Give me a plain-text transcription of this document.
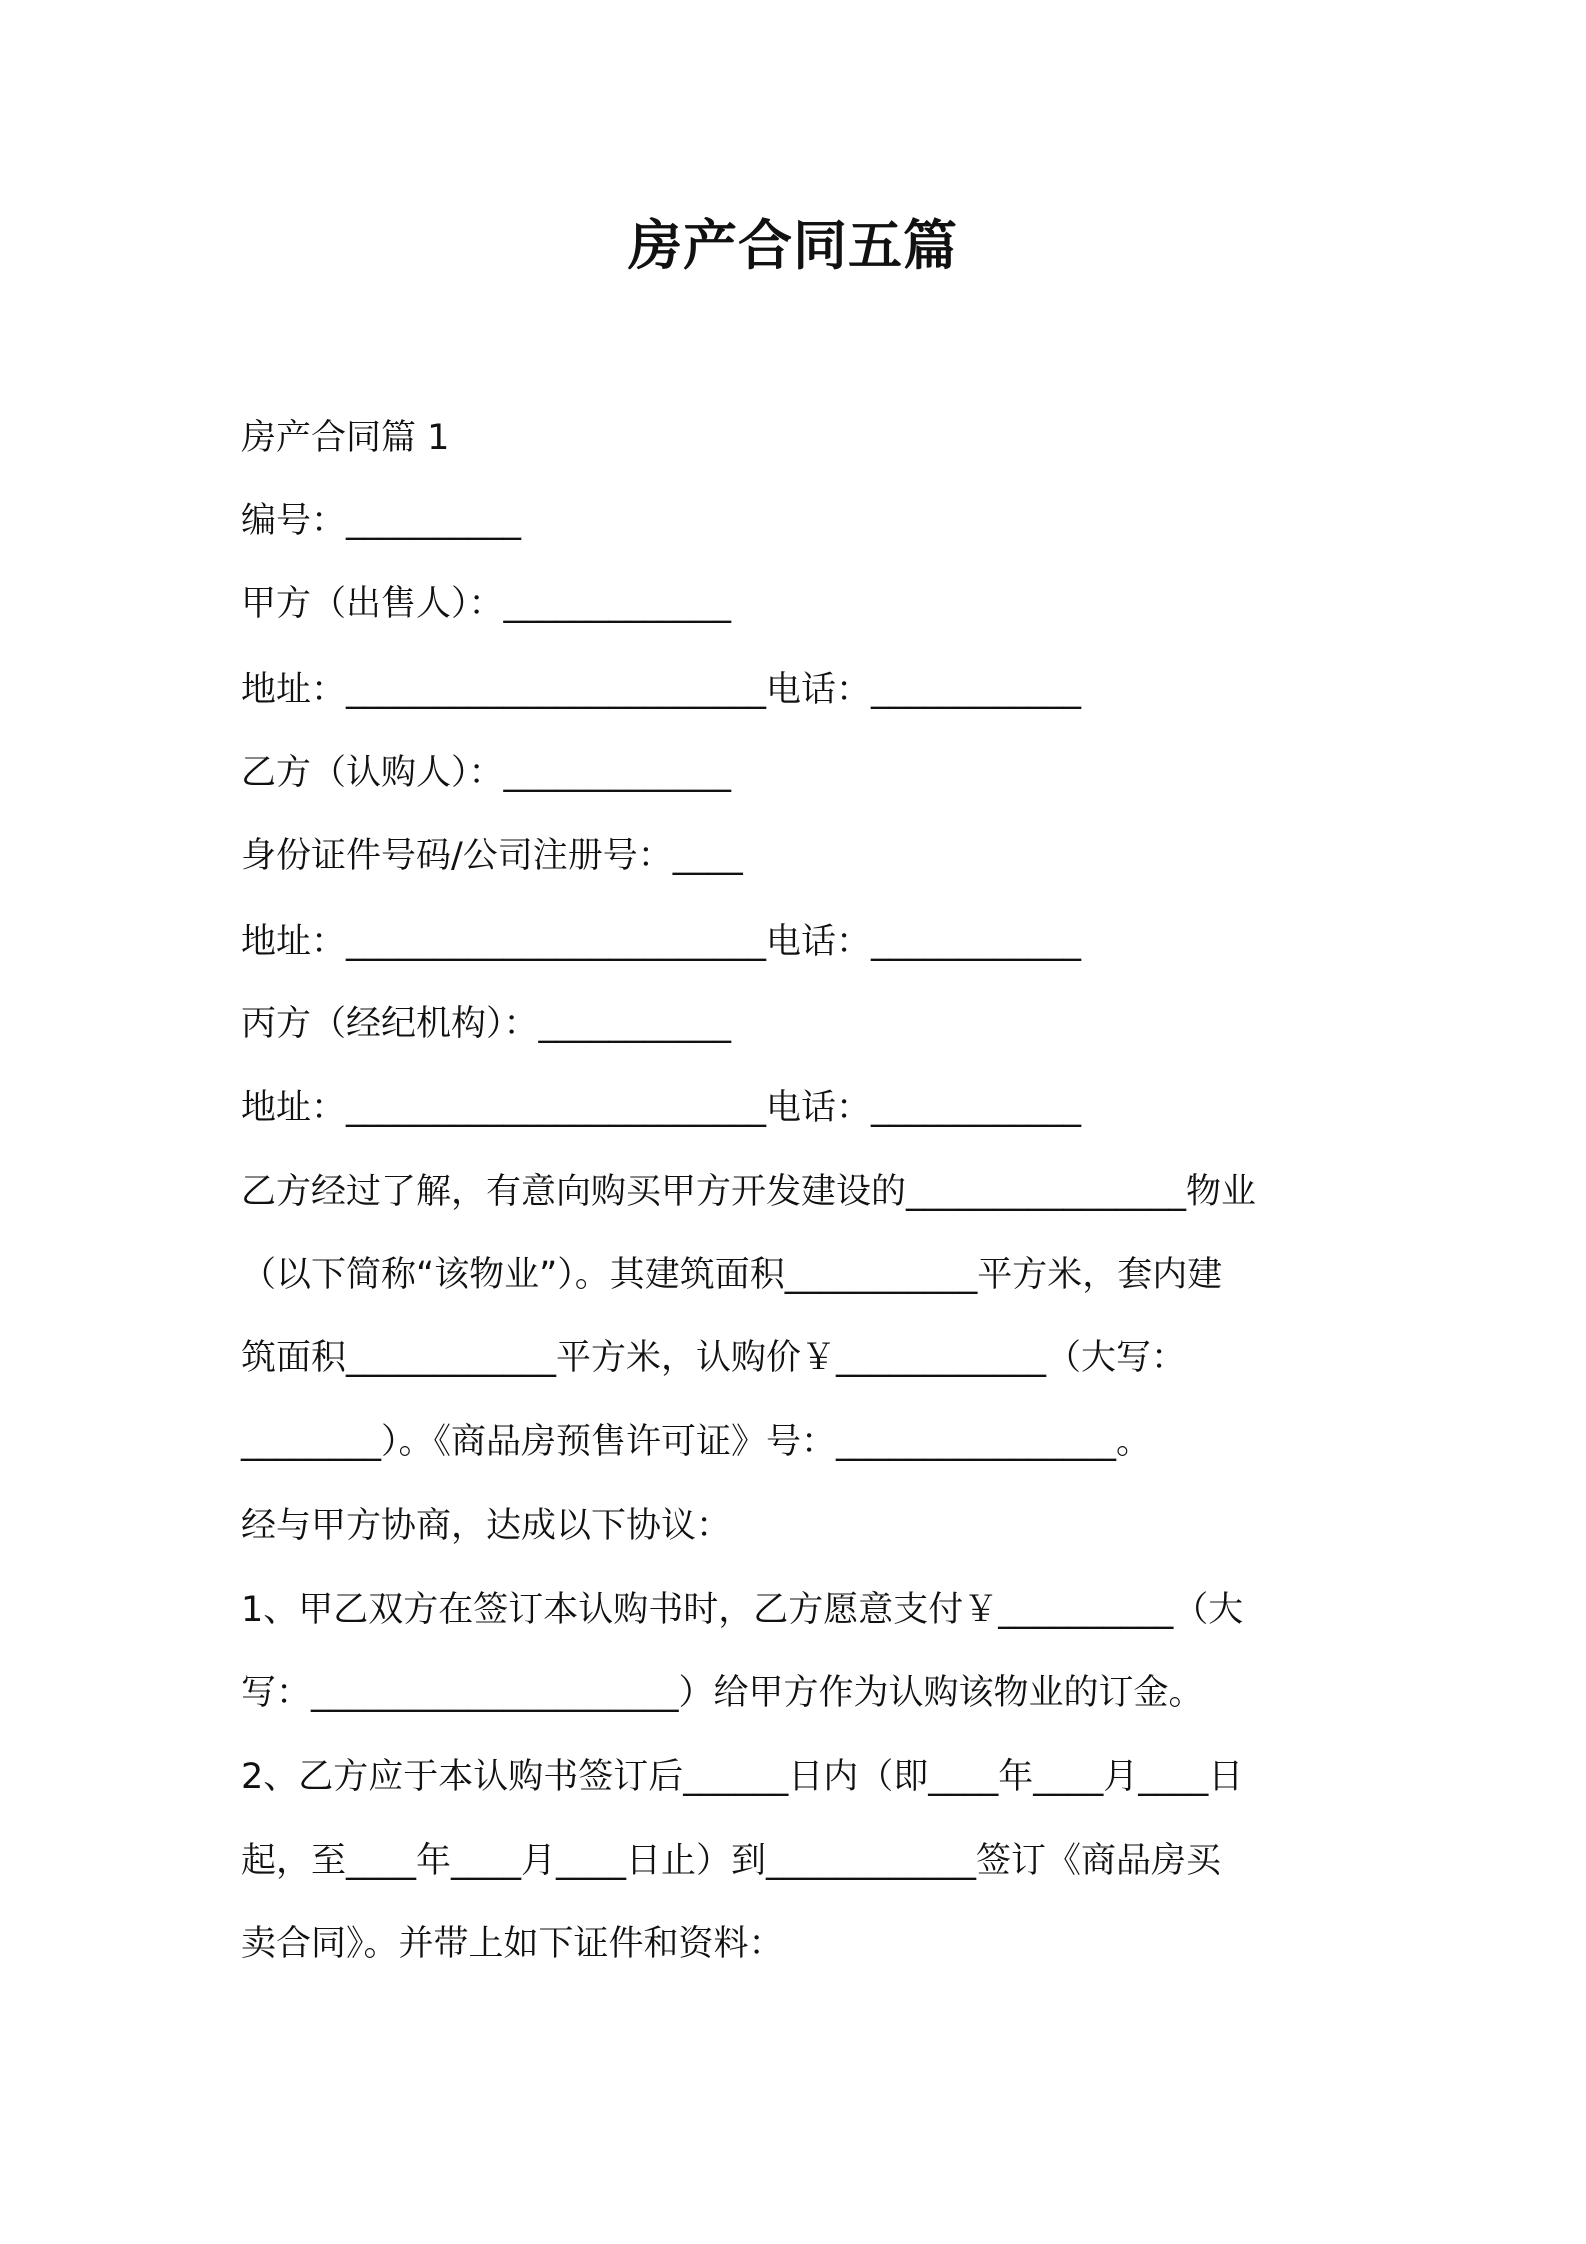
房产合同五篇
房产合同篇 1
编号：__________
甲方（出售人）：_____________
地址：________________________电话：____________
乙方（认购人）：_____________
身份证件号码/公司注册号：____
地址：________________________电话：____________
丙方（经纪机构）：___________
地址：________________________电话：____________
乙方经过了解，有意向购买甲方开发建设的________________物业
（以下简称“该物业”）。其建筑面积___________平方米，套内建
筑面积____________平方米，认购价￥____________（大写：
________）。《商品房预售许可证》号：________________。
经与甲方协商，达成以下协议：
1、甲乙双方在签订本认购书时，乙方愿意支付￥__________（大
写：_____________________）给甲方作为认购该物业的订金。
2、乙方应于本认购书签订后______日内（即____年____月____日
起，至____年____月____日止）到____________签订《商品房买
卖合同》。并带上如下证件和资料：
